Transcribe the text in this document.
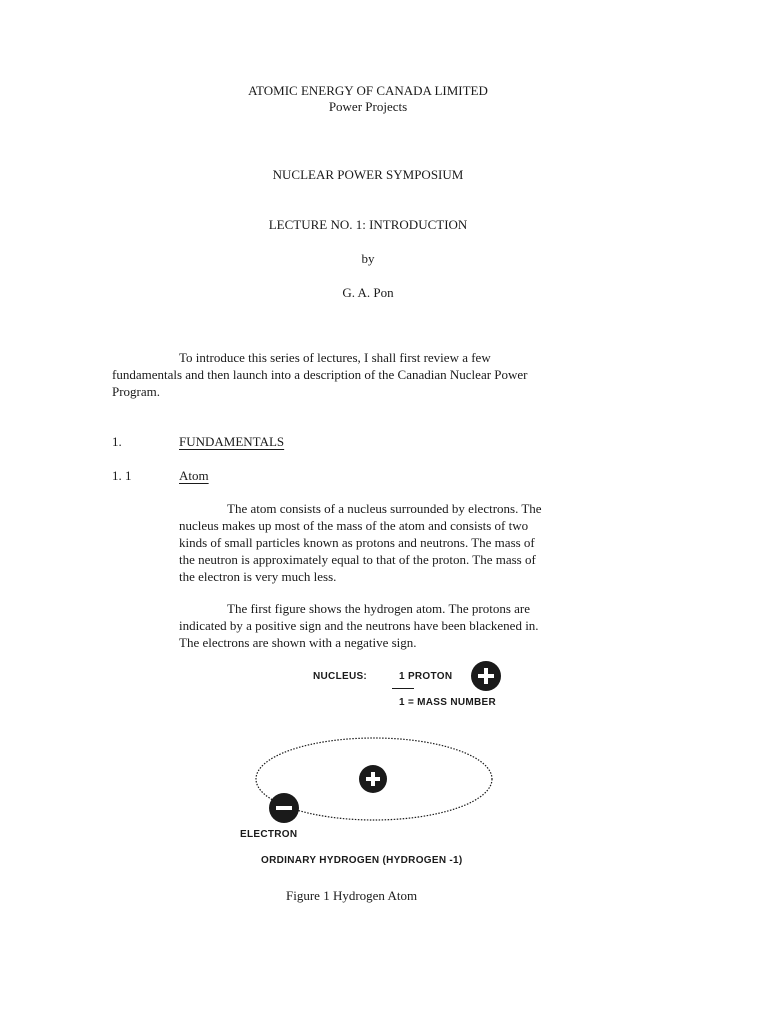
ATOMIC ENERGY OF CANADA LIMITED
Power Projects
NUCLEAR POWER SYMPOSIUM
LECTURE NO. 1: INTRODUCTION
by
G. A. Pon
To introduce this series of lectures, I shall first review a few
fundamentals and then launch into a description of the Canadian Nuclear Power
Program.
1.	FUNDAMENTALS
1. 1	Atom
The atom consists of a nucleus surrounded by electrons. The
nucleus makes up most of the mass of the atom and consists of two
kinds of small particles known as protons and neutrons. The mass of
the neutron is approximately equal to that of the proton. The mass of
the electron is very much less.
The first figure shows the hydrogen atom. The protons are
indicated by a positive sign and the neutrons have been blackened in.
The electrons are shown with a negative sign.
NUCLEUS:	1 PROTON
1 = MASS NUMBER
ELECTRON
ORDINARY HYDROGEN (HYDROGEN -1)
Figure 1 Hydrogen Atom
